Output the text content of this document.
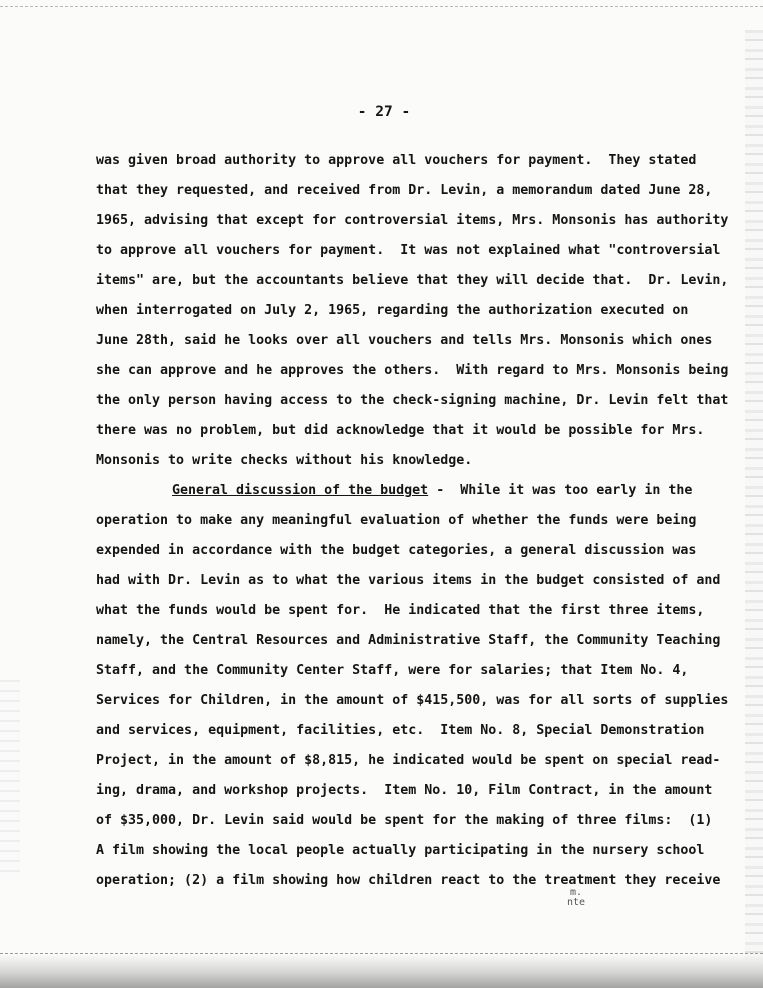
- 27 -
was given broad authority to approve all vouchers for payment.  They stated
that they requested, and received from Dr. Levin, a memorandum dated June 28,
1965, advising that except for controversial items, Mrs. Monsonis has authority
to approve all vouchers for payment.  It was not explained what "controversial
items" are, but the accountants believe that they will decide that.  Dr. Levin,
when interrogated on July 2, 1965, regarding the authorization executed on
June 28th, said he looks over all vouchers and tells Mrs. Monsonis which ones
she can approve and he approves the others.  With regard to Mrs. Monsonis being
the only person having access to the check-signing machine, Dr. Levin felt that
there was no problem, but did acknowledge that it would be possible for Mrs.
Monsonis to write checks without his knowledge.
General discussion of the budget -  While it was too early in the
operation to make any meaningful evaluation of whether the funds were being
expended in accordance with the budget categories, a general discussion was
had with Dr. Levin as to what the various items in the budget consisted of and
what the funds would be spent for.  He indicated that the first three items,
namely, the Central Resources and Administrative Staff, the Community Teaching
Staff, and the Community Center Staff, were for salaries; that Item No. 4,
Services for Children, in the amount of $415,500, was for all sorts of supplies
and services, equipment, facilities, etc.  Item No. 8, Special Demonstration
Project, in the amount of $8,815, he indicated would be spent on special read-
ing, drama, and workshop projects.  Item No. 10, Film Contract, in the amount
of $35,000, Dr. Levin said would be spent for the making of three films:  (1)
A film showing the local people actually participating in the nursery school
operation; (2) a film showing how children react to the treatment they receive
m.
nte
